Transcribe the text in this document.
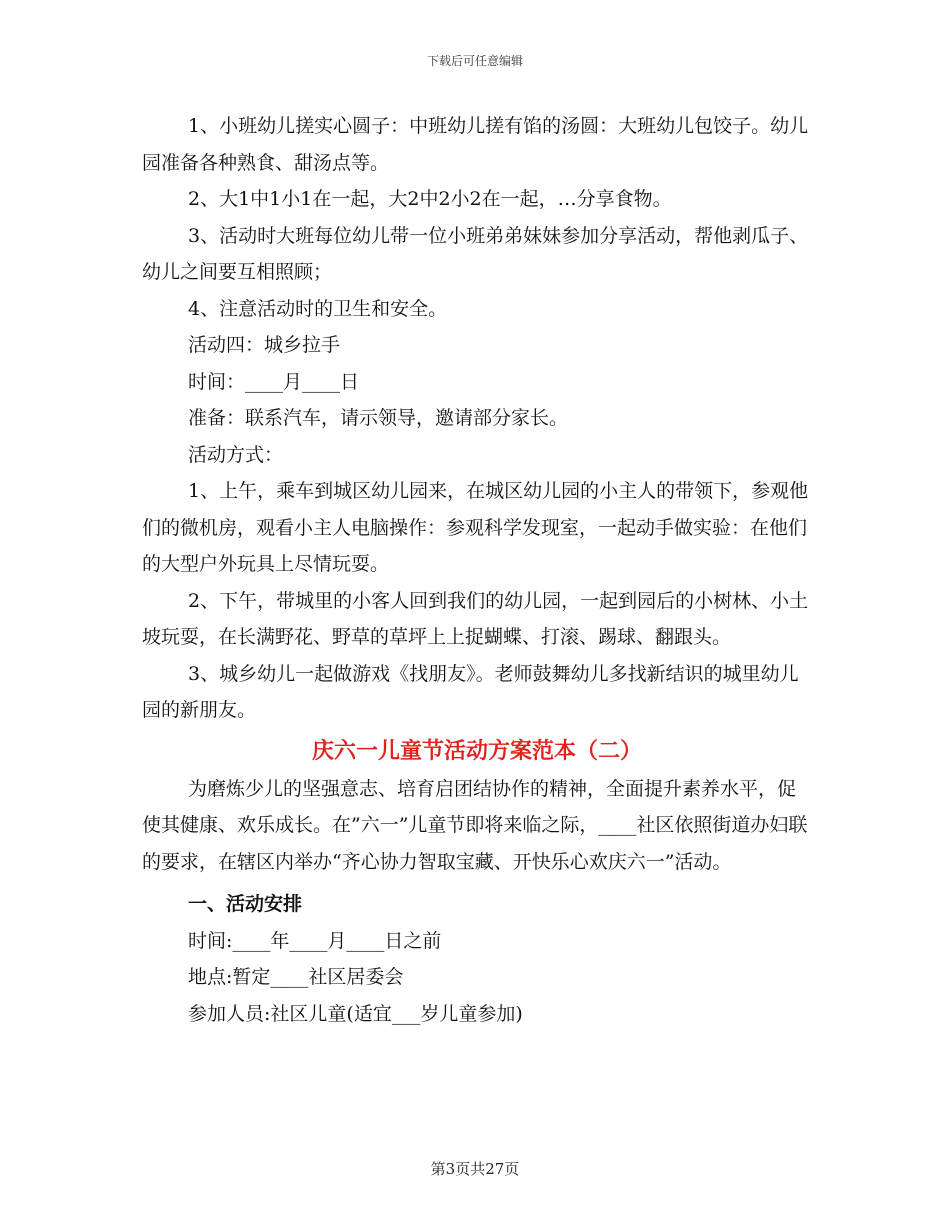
下载后可任意编辑

1、小班幼儿搓实心圆子：中班幼儿搓有馅的汤圆：大班幼儿包饺子。幼儿园准备各种熟食、甜汤点等。

2、大1中1小1在一起，大2中2小2在一起，…分享食物。

3、活动时大班每位幼儿带一位小班弟弟妹妹参加分享活动，帮他剥瓜子、幼儿之间要互相照顾；

4、注意活动时的卫生和安全。

活动四：城乡拉手

时间：____月____日

准备：联系汽车，请示领导，邀请部分家长。

活动方式：

1、上午，乘车到城区幼儿园来，在城区幼儿园的小主人的带领下，参观他们的微机房，观看小主人电脑操作：参观科学发现室，一起动手做实验：在他们的大型户外玩具上尽情玩耍。

2、下午，带城里的小客人回到我们的幼儿园，一起到园后的小树林、小土坡玩耍，在长满野花、野草的草坪上上捉蝴蝶、打滚、踢球、翻跟头。

3、城乡幼儿一起做游戏《找朋友》。老师鼓舞幼儿多找新结识的城里幼儿园的新朋友。

庆六一儿童节活动方案范本（二）

为磨炼少儿的坚强意志、培育启团结协作的精神，全面提升素养水平，促使其健康、欢乐成长。在”六一”儿童节即将来临之际，____社区依照街道办妇联的要求，在辖区内举办“齐心协力智取宝藏、开快乐心欢庆六一”活动。

一、活动安排

时间:____年____月____日之前

地点:暂定____社区居委会

参加人员:社区儿童(适宜___岁儿童参加)

第3页共27页
